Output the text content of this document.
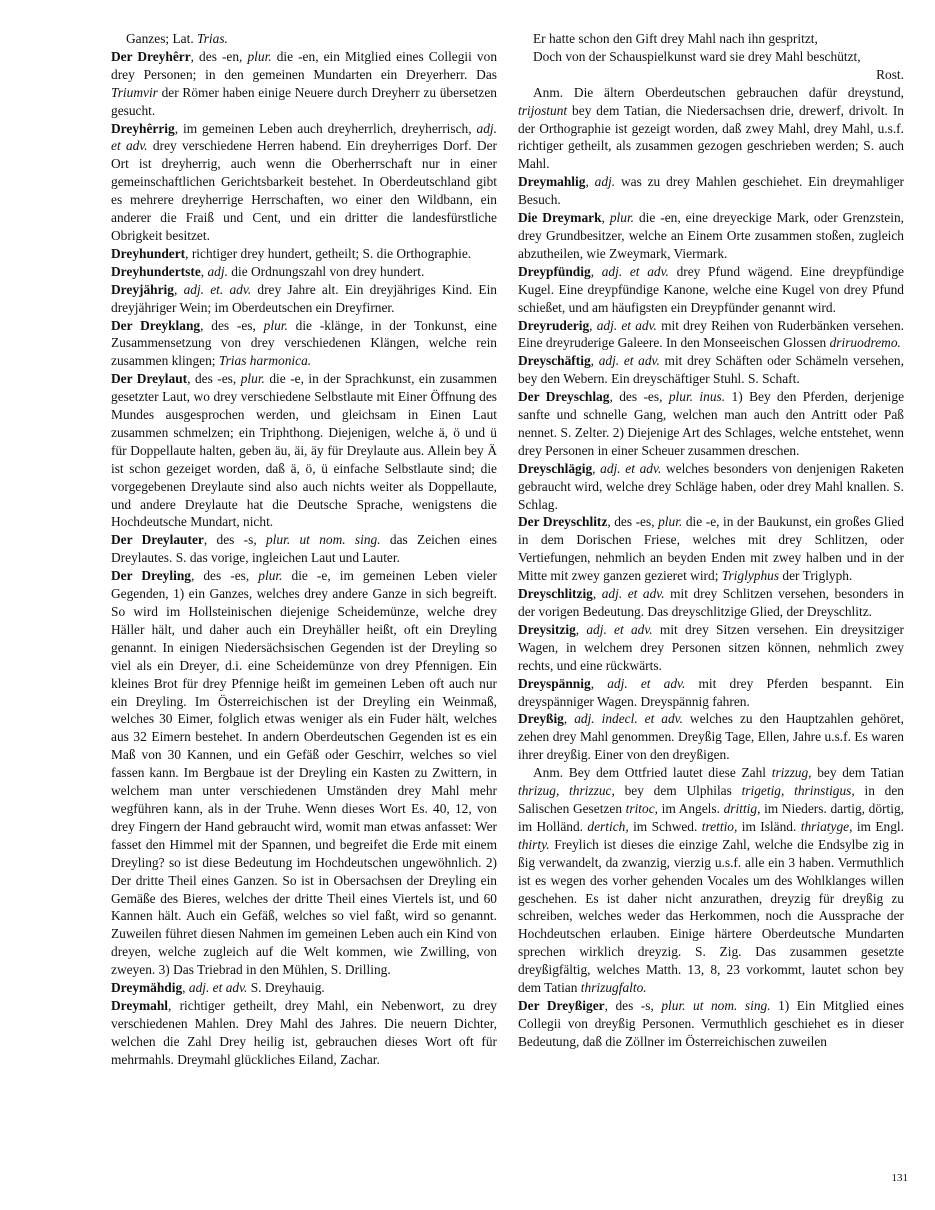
Ganzes; Lat. Trias.

Der Dreyhêrr, des -en, plur. die -en, ein Mitglied eines Collegii von drey Personen; in den gemeinen Mundarten ein Dreyerherr. Das Triumvir der Römer haben einige Neuere durch Dreyherr zu übersetzen gesucht.

Dreyhêrrig, im gemeinen Leben auch dreyherrlich, dreyherrisch, adj. et adv. drey verschiedene Herren habend. Ein dreyherriges Dorf. Der Ort ist dreyherrig, auch wenn die Oberherrschaft nur in einer gemeinschaftlichen Gerichtsbarkeit bestehet. In Oberdeutschland gibt es mehrere dreyherrige Herrschaften, wo einer den Wildbann, ein anderer die Fraiß und Cent, und ein dritter die landesfürstliche Obrigkeit besitzet.

Dreyhundert, richtiger drey hundert, getheilt; S. die Orthographie.

Dreyhundertste, adj. die Ordnungszahl von drey hundert.

Dreyjährig, adj. et. adv. drey Jahre alt. Ein dreyjähriges Kind. Ein dreyjähriger Wein; im Oberdeutschen ein Dreyfirner.

Der Dreyklang, des -es, plur. die -klänge, in der Tonkunst, eine Zusammensetzung von drey verschiedenen Klängen, welche rein zusammen klingen; Trias harmonica.

Der Dreylaut, des -es, plur. die -e, in der Sprachkunst, ein zusammen gesetzter Laut, wo drey verschiedene Selbstlaute mit Einer Öffnung des Mundes ausgesprochen werden, und gleichsam in Einen Laut zusammen schmelzen; ein Triphthong. Diejenigen, welche ä, ö und ü für Doppellaute halten, geben äu, äi, äy für Dreylaute aus. Allein bey Ä ist schon gezeiget worden, daß ä, ö, ü einfache Selbstlaute sind; die vorgegebenen Dreylaute sind also auch nichts weiter als Doppellaute, und andere Dreylaute hat die Deutsche Sprache, wenigstens die Hochdeutsche Mundart, nicht.

Der Dreylauter, des -s, plur. ut nom. sing. das Zeichen eines Dreylautes. S. das vorige, ingleichen Laut und Lauter.

Der Dreyling, des -es, plur. die -e, im gemeinen Leben vieler Gegenden, 1) ein Ganzes, welches drey andere Ganze in sich begreift. So wird im Hollsteinischen diejenige Scheidemünze, welche drey Häller hält, und daher auch ein Dreyhäller heißt, oft ein Dreyling genannt. In einigen Niedersächsischen Gegenden ist der Dreyling so viel als ein Dreyer, d.i. eine Scheidemünze von drey Pfennigen. Ein kleines Brot für drey Pfennige heißt im gemeinen Leben oft auch nur ein Dreyling. Im Österreichischen ist der Dreyling ein Weinmaß, welches 30 Eimer, folglich etwas weniger als ein Fuder hält, welches aus 32 Eimern bestehet. In andern Oberdeutschen Gegenden ist es ein Maß von 30 Kannen, und ein Gefäß oder Geschirr, welches so viel fassen kann. Im Bergbaue ist der Dreyling ein Kasten zu Zwittern, in welchem man unter verschiedenen Umständen drey Mahl mehr wegführen kann, als in der Truhe. Wenn dieses Wort Es. 40, 12, von drey Fingern der Hand gebraucht wird, womit man etwas anfasset: Wer fasset den Himmel mit der Spannen, und begreifet die Erde mit einem Dreyling? so ist diese Bedeutung im Hochdeutschen ungewöhnlich. 2) Der dritte Theil eines Ganzen. So ist in Obersachsen der Dreyling ein Gemäße des Bieres, welches der dritte Theil eines Viertels ist, und 60 Kannen hält. Auch ein Gefäß, welches so viel faßt, wird so genannt. Zuweilen führet diesen Nahmen im gemeinen Leben auch ein Kind von dreyen, welche zugleich auf die Welt kommen, wie Zwilling, von zweyen. 3) Das Triebrad in den Mühlen, S. Drilling.

Dreymähdig, adj. et adv. S. Dreyhauig.

Dreymahl, richtiger getheilt, drey Mahl, ein Nebenwort, zu drey verschiedenen Mahlen. Drey Mahl des Jahres. Die neuern Dichter, welchen die Zahl Drey heilig ist, gebrauchen dieses Wort oft für mehrmahls. Dreymahl glückliches Eiland, Zachar.

Er hatte schon den Gift drey Mahl nach ihn gespritzt,

Doch von der Schauspielkunst ward sie drey Mahl beschützt,

Rost.

Anm. Die ältern Oberdeutschen gebrauchen dafür dreystund, trijostunt bey dem Tatian, die Niedersachsen drie, drewerf, drivolt. In der Orthographie ist gezeigt worden, daß zwey Mahl, drey Mahl, u.s.f. richtiger getheilt, als zusammen gezogen geschrieben werden; S. auch Mahl.

Dreymahlig, adj. was zu drey Mahlen geschiehet. Ein dreymahliger Besuch.

Die Dreymark, plur. die -en, eine dreyeckige Mark, oder Grenzstein, drey Grundbesitzer, welche an Einem Orte zusammen stoßen, zugleich abzutheilen, wie Zweymark, Viermark.

Dreypfündig, adj. et adv. drey Pfund wägend. Eine dreypfündige Kugel. Eine dreypfündige Kanone, welche eine Kugel von drey Pfund schießet, und am häufigsten ein Dreypfünder genannt wird.

Dreyruderig, adj. et adv. mit drey Reihen von Ruderbänken versehen. Eine dreyruderige Galeere. In den Monseeischen Glossen driruodremo.

Dreyschäftig, adj. et adv. mit drey Schäften oder Schämeln versehen, bey den Webern. Ein dreyschäftiger Stuhl. S. Schaft.

Der Dreyschlag, des -es, plur. inus. 1) Bey den Pferden, derjenige sanfte und schnelle Gang, welchen man auch den Antritt oder Paß nennet. S. Zelter. 2) Diejenige Art des Schlages, welche entstehet, wenn drey Personen in einer Scheuer zusammen dreschen.

Dreyschlägig, adj. et adv. welches besonders von denjenigen Raketen gebraucht wird, welche drey Schläge haben, oder drey Mahl knallen. S. Schlag.

Der Dreyschlitz, des -es, plur. die -e, in der Baukunst, ein großes Glied in dem Dorischen Friese, welches mit drey Schlitzen, oder Vertiefungen, nehmlich an beyden Enden mit zwey halben und in der Mitte mit zwey ganzen gezieret wird; Triglyphus der Triglyph.

Dreyschlitzig, adj. et adv. mit drey Schlitzen versehen, besonders in der vorigen Bedeutung. Das dreyschlitzige Glied, der Dreyschlitz.

Dreysitzig, adj. et adv. mit drey Sitzen versehen. Ein dreysitziger Wagen, in welchem drey Personen sitzen können, nehmlich zwey rechts, und eine rückwärts.

Dreyspännig, adj. et adv. mit drey Pferden bespannt. Ein dreyspänniger Wagen. Dreyspännig fahren.

Dreyßig, adj. indecl. et adv. welches zu den Hauptzahlen gehöret, zehen drey Mahl genommen. Dreyßig Tage, Ellen, Jahre u.s.f. Es waren ihrer dreyßig. Einer von den dreyßigen.

Anm. Bey dem Ottfried lautet diese Zahl trizzug, bey dem Tatian thrizug, thrizzuc, bey dem Ulphilas trigetig, thrinstigus, in den Salischen Gesetzen tritoc, im Angels. drittig, im Nieders. dartig, dörtig, im Holländ. dertich, im Schwed. trettio, im Isländ. thriatyge, im Engl. thirty. Freylich ist dieses die einzige Zahl, welche die Endsylbe zig in ßig verwandelt, da zwanzig, vierzig u.s.f. alle ein 3 haben. Vermuthlich ist es wegen des vorher gehenden Vocales um des Wohlklanges willen geschehen. Es ist daher nicht anzurathen, dreyzig für dreyßig zu schreiben, welches weder das Herkommen, noch die Aussprache der Hochdeutschen erlauben. Einige härtere Oberdeutsche Mundarten sprechen wirklich dreyzig. S. Zig. Das zusammen gesetzte dreyßigfältig, welches Matth. 13, 8, 23 vorkommt, lautet schon bey dem Tatian thrizugfalto.

Der Dreyßiger, des -s, plur. ut nom. sing. 1) Ein Mitglied eines Collegii von dreyßig Personen. Vermuthlich geschiehet es in dieser Bedeutung, daß die Zöllner im Österreichischen zuweilen

131
